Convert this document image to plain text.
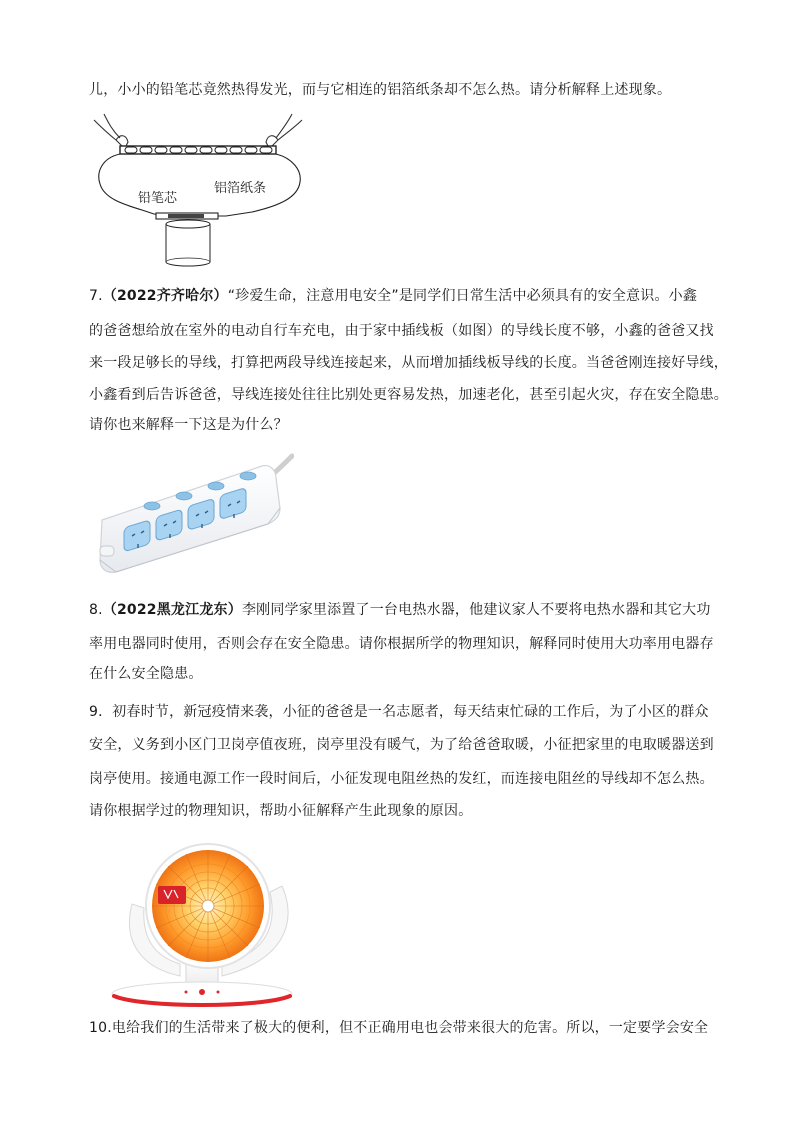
儿，小小的铅笔芯竟然热得发光，而与它相连的铝箔纸条却不怎么热。请分析解释上述现象。
铅笔芯
铝箔纸条
7.（2022齐齐哈尔）“珍爱生命，注意用电安全”是同学们日常生活中必须具有的安全意识。小鑫
的爸爸想给放在室外的电动自行车充电，由于家中插线板（如图）的导线长度不够，小鑫的爸爸又找
来一段足够长的导线，打算把两段导线连接起来，从而增加插线板导线的长度。当爸爸刚连接好导线，
小鑫看到后告诉爸爸，导线连接处往往比别处更容易发热，加速老化，甚至引起火灾，存在安全隐患。
请你也来解释一下这是为什么？
8.（2022黑龙江龙东）李刚同学家里添置了一台电热水器，他建议家人不要将电热水器和其它大功
率用电器同时使用，否则会存在安全隐患。请你根据所学的物理知识，解释同时使用大功率用电器存
在什么安全隐患。
9．初春时节，新冠疫情来袭，小征的爸爸是一名志愿者，每天结束忙碌的工作后，为了小区的群众
安全，义务到小区门卫岗亭值夜班，岗亭里没有暖气，为了给爸爸取暖，小征把家里的电取暖器送到
岗亭使用。接通电源工作一段时间后，小征发现电阻丝热的发红，而连接电阻丝的导线却不怎么热。
请你根据学过的物理知识，帮助小征解释产生此现象的原因。
10.电给我们的生活带来了极大的便利，但不正确用电也会带来很大的危害。所以，一定要学会安全
